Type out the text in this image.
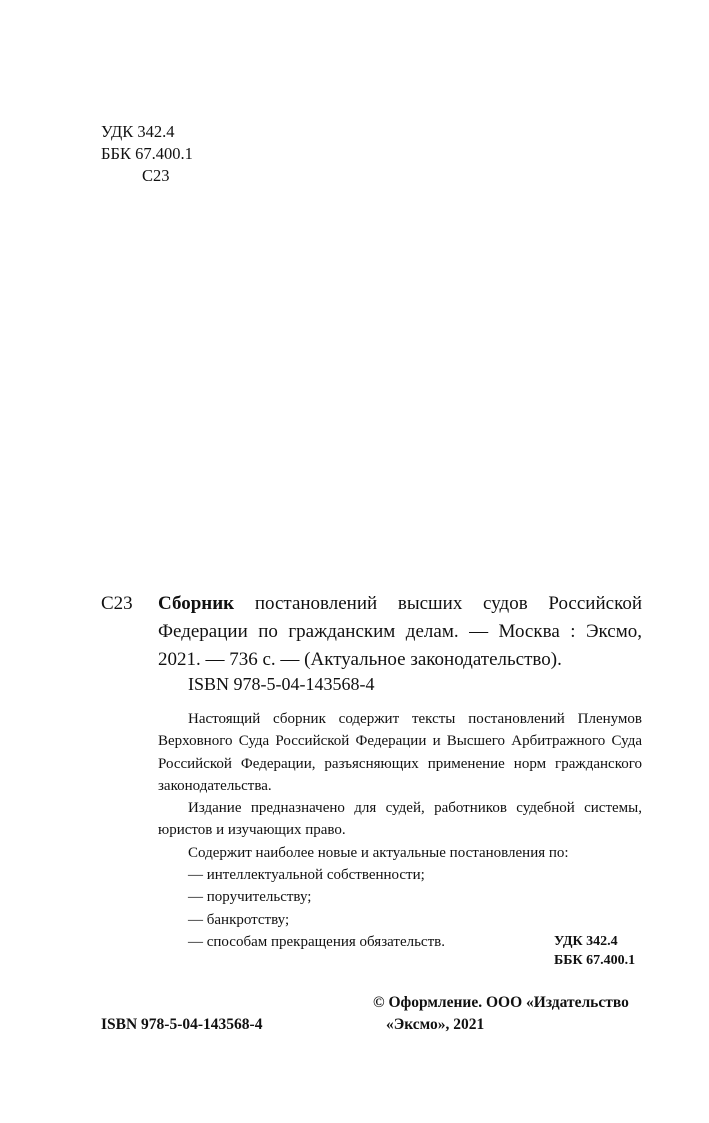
УДК 342.4
ББК 67.400.1
С23
С23 Сборник постановлений высших судов Российской Федерации по гражданским делам. — Москва : Эксмо, 2021. — 736 с. — (Актуальное законодательство).
ISBN 978-5-04-143568-4

Настоящий сборник содержит тексты постановлений Пленумов Верховного Суда Российской Федерации и Высшего Арбитражного Суда Российской Федерации, разъясняющих применение норм гражданского законодательства.

Издание предназначено для судей, работников судебной системы, юристов и изучающих право.

Содержит наиболее новые и актуальные постановления по:

— интеллектуальной собственности;

— поручительству;

— банкротству;

— способам прекращения обязательств.	УДК 342.4
ББК 67.400.1
ISBN 978-5-04-143568-4
© Оформление. ООО «Издательство
«Эксмо», 2021
